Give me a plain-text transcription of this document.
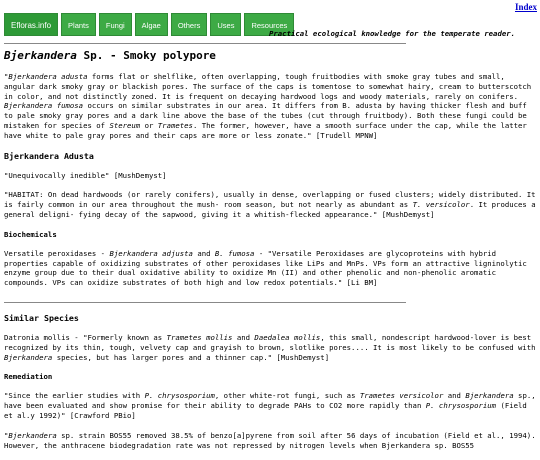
Index
Efloras.info	Plants	Fungi	Algae	Others	Uses	Resources
Practical ecological knowledge for the temperate reader.
Bjerkandera Sp. - Smoky polypore

"Bjerkandera adusta forms flat or shelflike, often overlapping, tough fruitbodies with smoke gray tubes and small, angular dark smoky gray or blackish pores. The surface of the caps is tomentose to somewhat hairy, cream to butterscotch in color, and not distinctly zoned. It is frequent on decaying hardwood logs and woody materials, rarely on conifers. Bjerkandera fumosa occurs on similar substrates in our area. It differs from B. adusta by having thicker flesh and buff to pale smoky gray pores and a dark line above the base of the tubes (cut through fruitbody). Both these fungi could be mistaken for species of Stereum or Trametes. The former, however, have a smooth surface under the cap, while the latter have white to pale gray pores and their caps are more or less zonate." [Trudell MPNW]

Bjerkandera Adusta

"Unequivocally inedible" [MushDemyst]

"HABITAT: On dead hardwoods (or rarely conifers), usually in dense, overlapping or fused clusters; widely distributed. It is fairly common in our area throughout the mush- room season, but not nearly as abundant as T. versicolor. It produces a general deligni- fying decay of the sapwood, giving it a whitish-flecked appearance." [MushDemyst]

Biochemicals

Versatile peroxidases - Bjerkandera adjusta and B. fumosa - "Versatile Peroxidases are glycoproteins with hybrid properties capable of oxidizing substrates of other peroxidases like LiPs and MnPs. VPs form an attractive ligninolytic enzyme group due to their dual oxidative ability to oxidize Mn (II) and other phenolic and non-phenolic aromatic compounds. VPs can oxidize substrates of both high and low redox potentials." [Li BM]

Similar Species

Datronia mollis - "Formerly known as Trametes mollis and Daedalea mollis, this small, nondescript hardwood-lover is best recognized by its thin, tough, velvety cap and grayish to brown, slotlike pores.... It is most likely to be confused with Bjerkandera species, but has larger pores and a thinner cap." [MushDemyst]

Remediation

"Since the earlier studies with P. chrysosporium, other white-rot fungi, such as Trametes versicolor and Bjerkandera sp., have been evaluated and show promise for their ability to degrade PAHs to CO2 more rapidly than P. chrysosporium (Field et al.y 1992)" [Crawford PBio]

"Bjerkandera sp. strain BOS55 removed 38.5% of benzo[a]pyrene from soil after 56 days of incubation (Field et al., 1994). However, the anthracene biodegradation rate was not repressed by nitrogen levels when Bjerkandera sp. BOS55
